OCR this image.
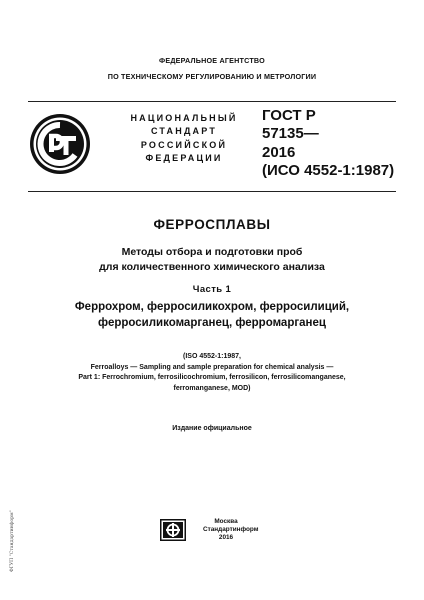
ФЕДЕРАЛЬНОЕ АГЕНТСТВО
ПО ТЕХНИЧЕСКОМУ РЕГУЛИРОВАНИЮ И МЕТРОЛОГИИ
НАЦИОНАЛЬНЫЙ
СТАНДАРТ
РОССИЙСКОЙ
ФЕДЕРАЦИИ
ГОСТ Р
57135—
2016
(ИСО 4552-1:1987)
ФЕРРОСПЛАВЫ
Методы отбора и подготовки проб
для количественного химического анализа
Часть 1
Феррохром, ферросиликохром, ферросилиций,
ферросиликомарганец, ферромарганец
(ISO 4552-1:1987,
Ferroalloys — Sampling and sample preparation for chemical analysis —
Part 1: Ferrochromium, ferrosilicochromium, ferrosilicon, ferrosilicomanganese,
ferromanganese, MOD)
Издание официальное
Москва
Стандартинформ
2016
ФГУП "Стандартинформ"
